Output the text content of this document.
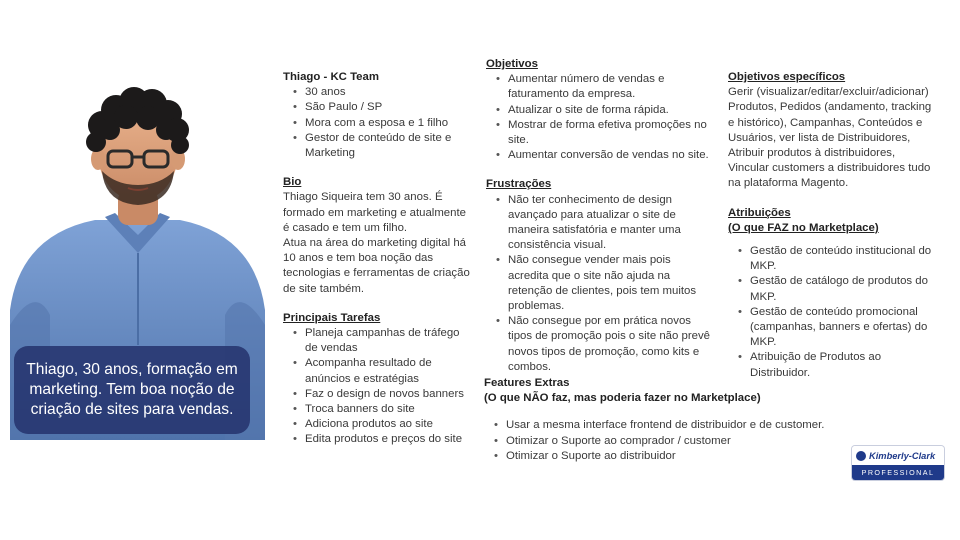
Thiago, 30 anos, formação em marketing. Tem boa noção de criação de sites para vendas.
Thiago - KC Team
• 30 anos
• São Paulo / SP
• Mora com a esposa e 1 filho
• Gestor de conteúdo de site e Marketing
Bio

Thiago Siqueira tem 30 anos. É formado em marketing e atualmente é casado e tem um filho.

Atua na área do marketing digital há 10 anos e tem boa noção das tecnologias e ferramentas de criação de site também.

Principais Tarefas
• Planeja campanhas de tráfego de vendas
• Acompanha resultado de anúncios e estratégias
• Faz o design de novos banners
• Troca banners do site
• Adiciona produtos ao site
• Edita produtos e preços do site
Objetivos
• Aumentar número de vendas e faturamento da empresa.
• Atualizar o site de forma rápida.
• Mostrar de forma efetiva promoções no site.
• Aumentar conversão de vendas no site.
Frustrações
• Não ter conhecimento de design avançado para atualizar o site de maneira satisfatória e manter uma consistência visual.
• Não consegue vender mais pois acredita que o site não ajuda na retenção de clientes, pois tem muitos problemas.
• Não consegue por em prática novos tipos de promoção pois o site não prevê novos tipos de promoção, como kits e combos.
Features Extras
(O que NÃO faz, mas poderia fazer no Marketplace)
• Usar a mesma interface frontend de distribuidor e de customer.
• Otimizar o Suporte ao comprador / customer
• Otimizar o Suporte ao distribuidor
Objetivos específicos

Gerir (visualizar/editar/excluir/adicionar) Produtos, Pedidos (andamento, tracking e histórico), Campanhas, Conteúdos e Usuários, ver lista de Distribuidores, Atribuir produtos à distribuidores, Vincular customers a distribuidores tudo na plataforma Magento.

Atribuições
(O que FAZ no Marketplace)
• Gestão de conteúdo institucional do MKP.
• Gestão de catálogo de produtos do MKP.
• Gestão de conteúdo promocional (campanhas, banners e ofertas) do MKP.
• Atribuição de Produtos ao Distribuidor.
Kimberly-Clark
PROFESSIONAL
